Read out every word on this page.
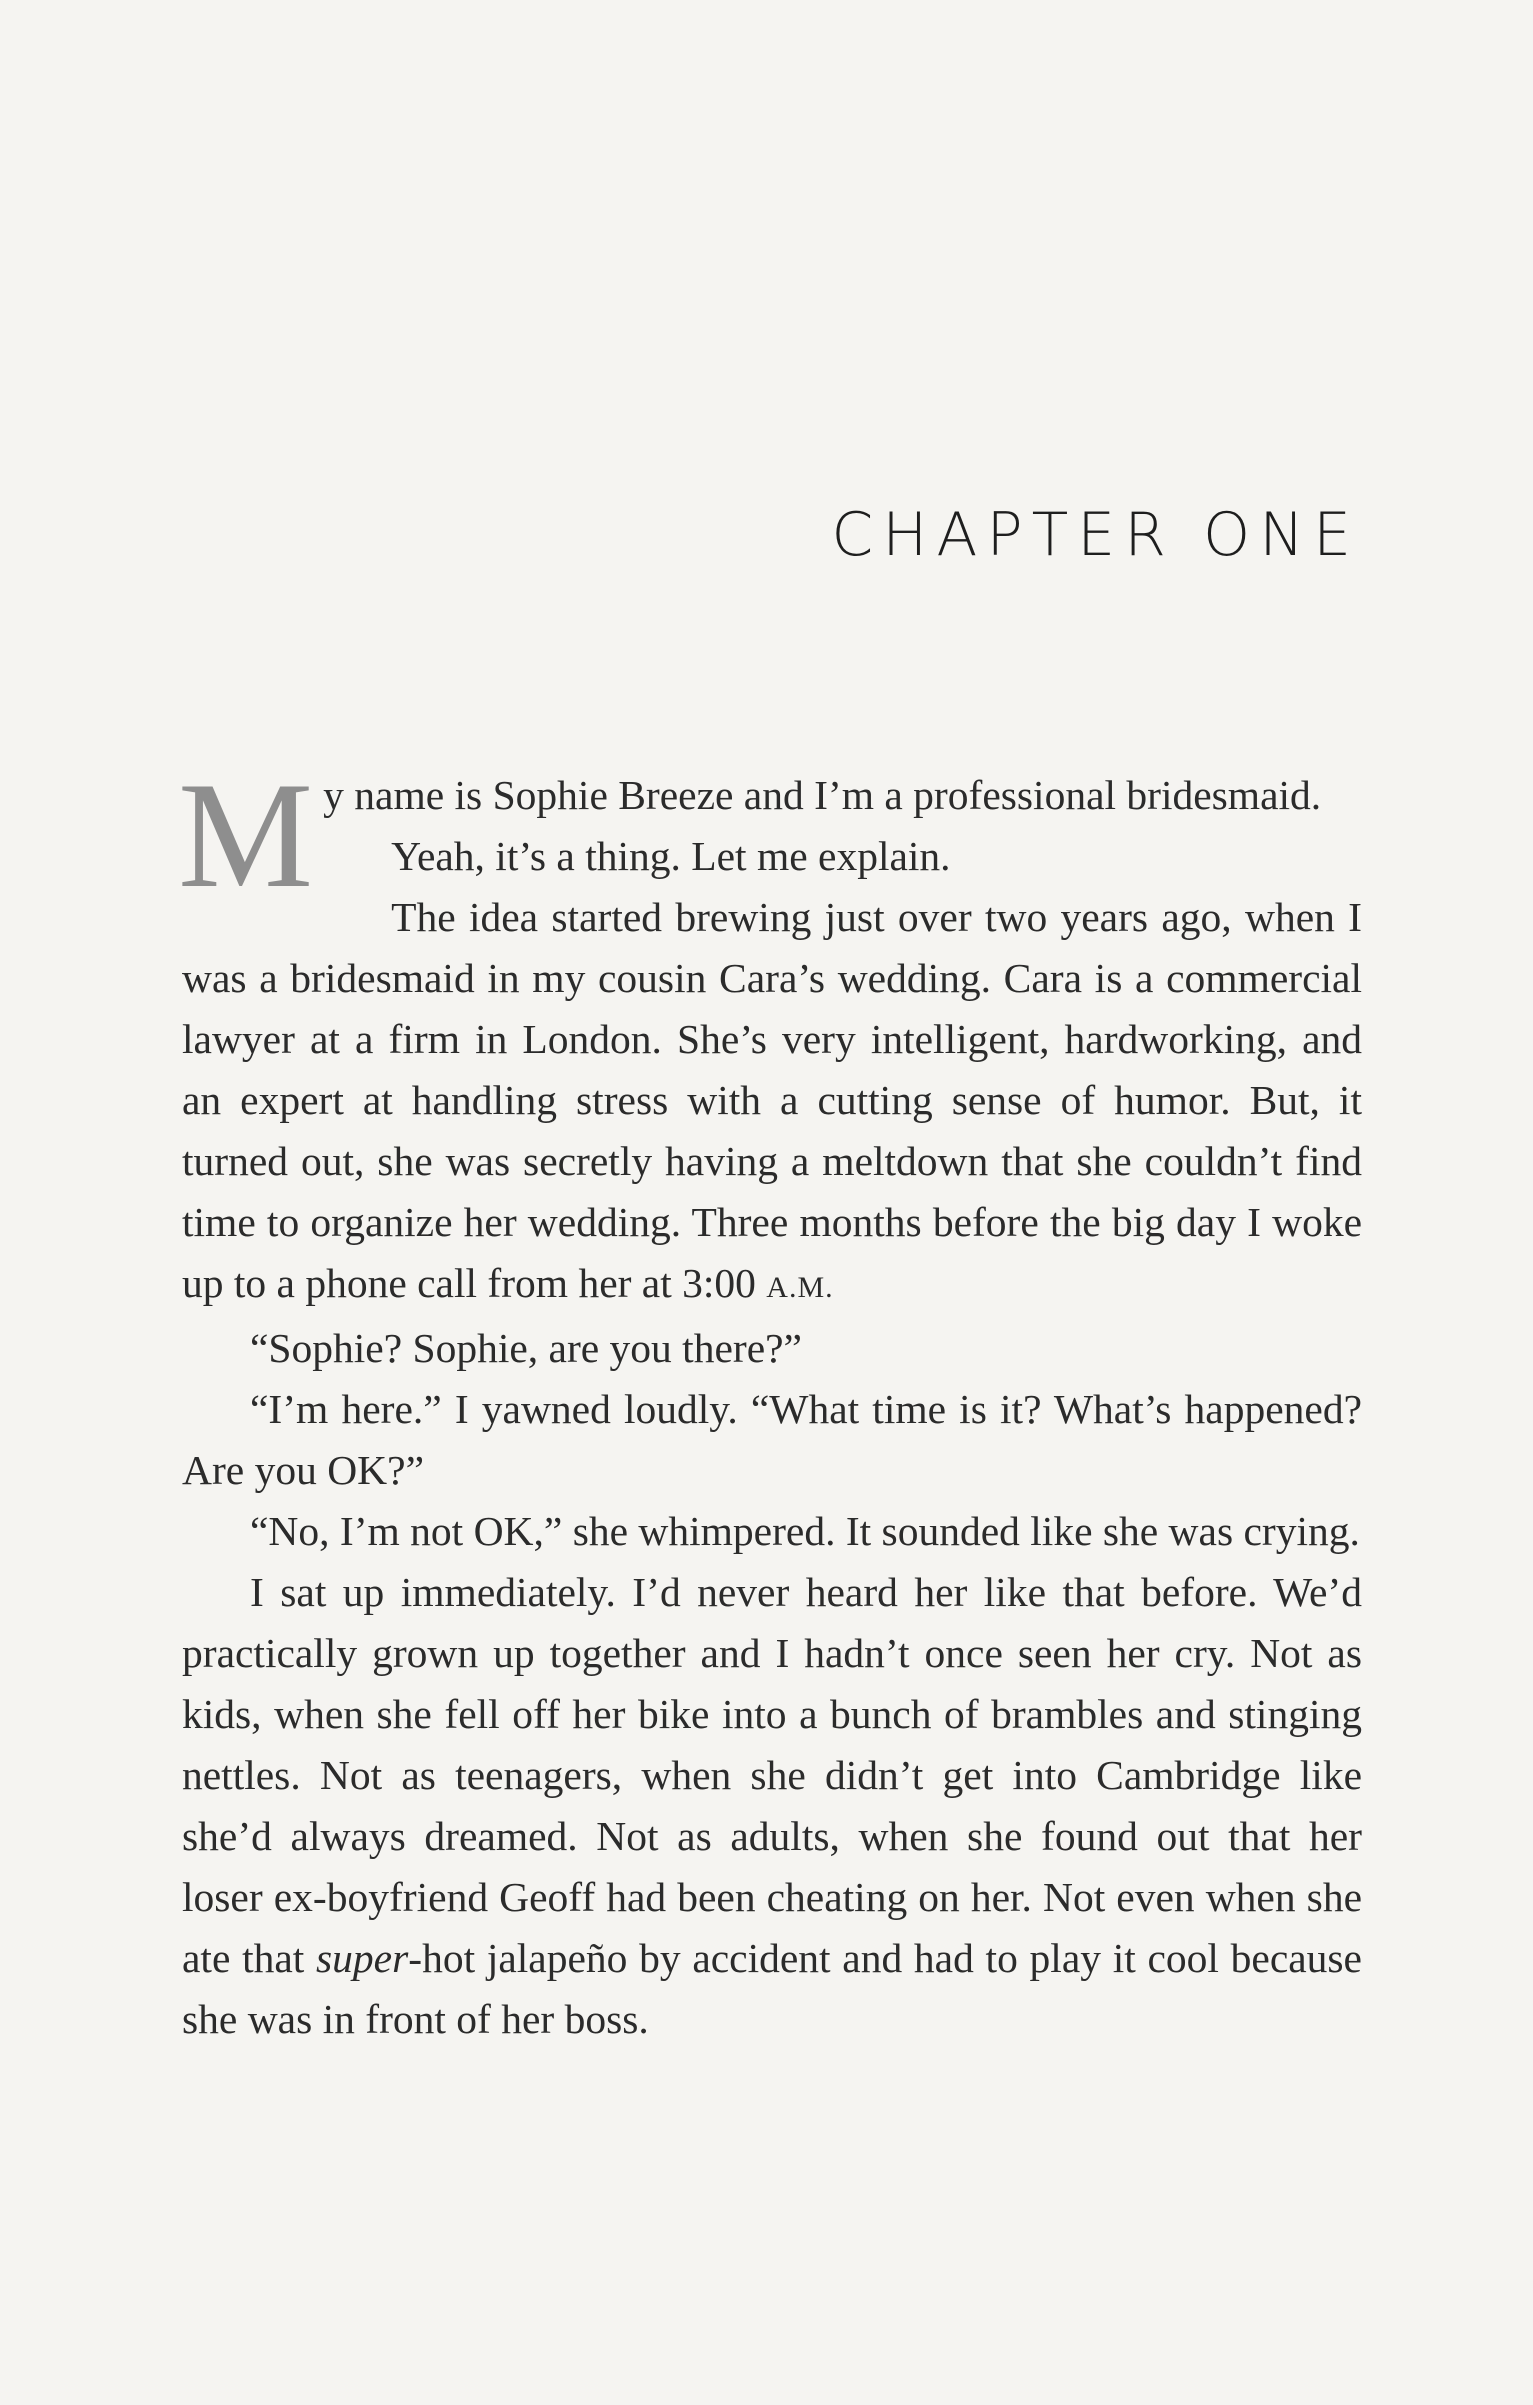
CHAPTER ONE

My name is Sophie Breeze and I’m a professional bridesmaid.

Yeah, it’s a thing. Let me explain.

The idea started brewing just over two years ago, when I was a bridesmaid in my cousin Cara’s wedding. Cara is a commercial lawyer at a firm in London. She’s very intelligent, hardworking, and an expert at handling stress with a cutting sense of humor. But, it turned out, she was secretly having a meltdown that she couldn’t find time to organize her wedding. Three months before the big day I woke up to a phone call from her at 3:00 A.M.

“Sophie? Sophie, are you there?”

“I’m here.” I yawned loudly. “What time is it? What’s happened? Are you OK?”

“No, I’m not OK,” she whimpered. It sounded like she was crying.

I sat up immediately. I’d never heard her like that before. We’d practically grown up together and I hadn’t once seen her cry. Not as kids, when she fell off her bike into a bunch of brambles and stinging nettles. Not as teenagers, when she didn’t get into Cambridge like she’d always dreamed. Not as adults, when she found out that her loser ex-boyfriend Geoff had been cheating on her. Not even when she ate that super-hot jalapeño by accident and had to play it cool because she was in front of her boss.
